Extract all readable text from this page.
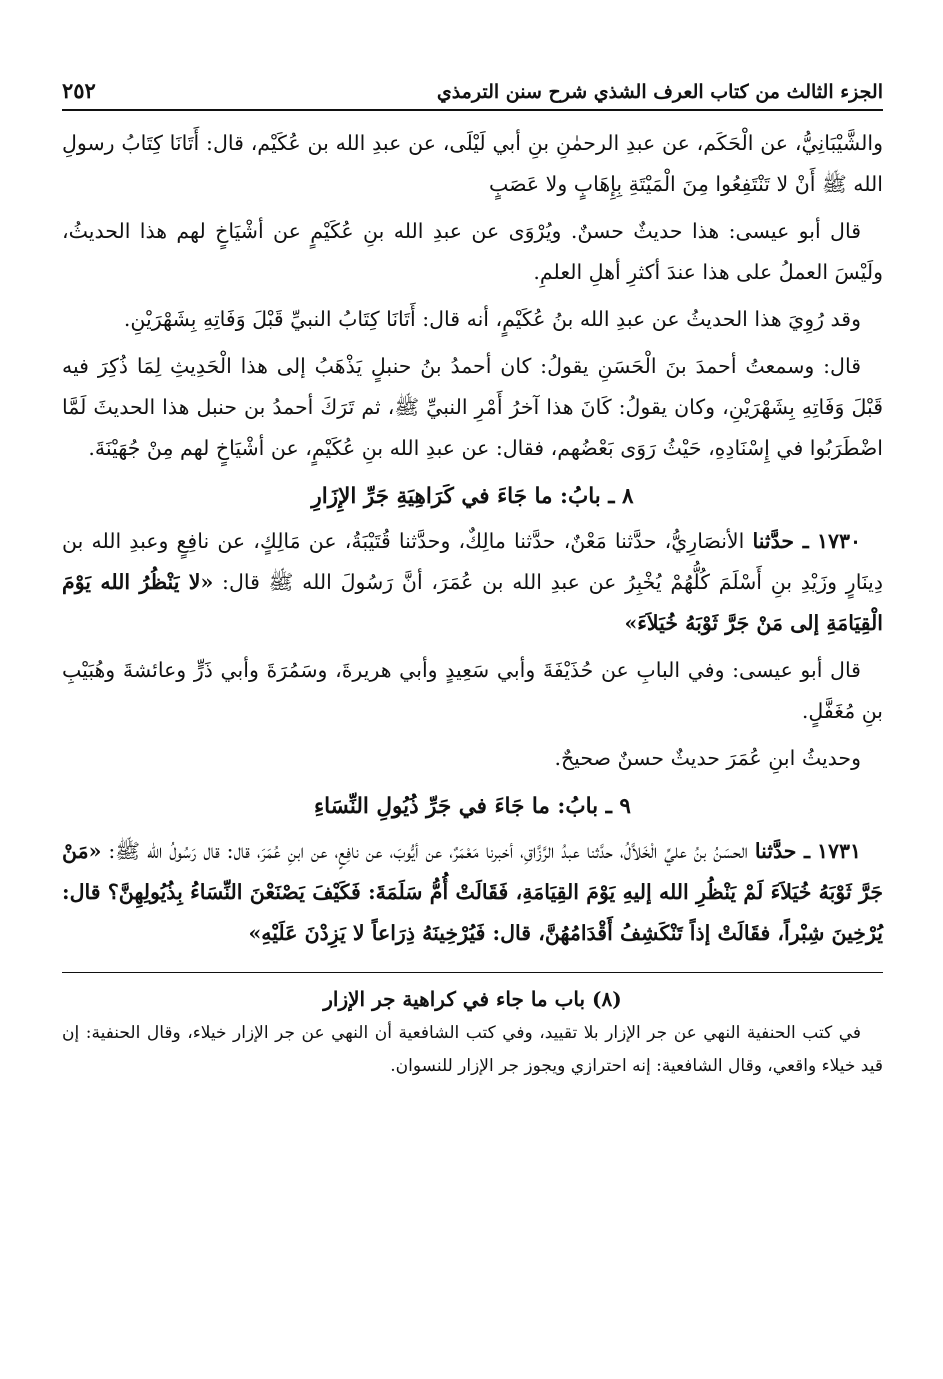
الجزء الثالث من كتاب العرف الشذي شرح سنن الترمذي
٢٥٢

والشَّيْبَانِيُّ، عن الْحَكَم، عن عبدِ الرحمٰنِ بنِ أبي لَيْلَى، عن عبدِ الله بن عُكَيْم، قال: أَتَانَا كِتَابُ رسولِ الله ﷺ أَنْ لا تَنْتَفِعُوا مِنَ الْمَيْتَةِ بِإِهَابٍ ولا عَصَبٍ

قال أبو عيسى: هذا حديثٌ حسنٌ. ويُرْوَى عن عبدِ الله بنِ عُكَيْمٍ عن أشْيَاخٍ لهم هذا الحديثُ، ولَيْسَ العملُ على هذا عندَ أكثرِ أهلِ العلمِ.

وقد رُوِيَ هذا الحديثُ عن عبدِ الله بنُ عُكَيْمٍ، أنه قال: أَتَانَا كِتَابُ النبيِّ قَبْلَ وَفَاتِهِ بِشَهْرَيْنِ.

قال: وسمعتُ أحمدَ بنَ الْحَسَنِ يقولُ: كان أحمدُ بنُ حنبلٍ يَذْهَبُ إلى هذا الْحَدِيثِ لِمَا ذُكِرَ فيه قَبْلَ وَفَاتِهِ بِشَهْرَيْنِ، وكان يقولُ: كَانَ هذا آخرُ أَمْرِ النبيِّ ﷺ، ثم تَرَكَ أحمدُ بن حنبل هذا الحديثَ لَمَّا اضْطَرَبُوا في إِسْنَادِهِ، حَيْثُ رَوَى بَعْضُهم، فقال: عن عبدِ الله بنِ عُكَيْمٍ، عن أشْيَاخٍ لهم مِنْ جُهَيْنَةَ.

٨ ـ بابُ: ما جَاءَ في كَرَاهِيَةِ جَرِّ الإِزَارِ

١٧٣٠ ـ حدَّثنا الأنصَارِيُّ، حدَّثنا مَعْنٌ، حدَّثنا مالِكٌ، وحدَّثنا قُتَيْبَةُ، عن مَالِكٍ، عن نافِعٍ وعبدِ الله بن دِينَارٍ وزَيْدِ بنِ أَسْلَمَ كُلُّهُمْ يُخْبِرُ عن عبدِ الله بن عُمَرَ، أنَّ رَسُولَ الله ﷺ قال: «لا يَنْظُرُ الله يَوْمَ الْقِيَامَةِ إلى مَنْ جَرَّ ثَوْبَهُ خُيَلاَءَ»

قال أبو عيسى: وفي البابِ عن حُذَيْفَةَ وأبي سَعِيدٍ وأبي هريرةَ، وسَمُرَةَ وأبي ذَرٍّ وعائشةَ وهُبَيْبِ بنِ مُغَفَّلٍ.

وحديثُ ابنِ عُمَرَ حديثٌ حسنٌ صحيحٌ.

٩ ـ بابُ: ما جَاءَ في جَرِّ ذُيُولِ النِّسَاءِ

١٧٣١ ـ حدَّثنا الحسَنُ بنُ عليِّ الْخَلاَّلُ، حدَّثنا عبدُ الرَّزَّاقِ، أخبرنا مَعْمَرٌ، عن أيُّوبَ، عن نافِعٍ، عن ابنِ عُمَرَ، قال: قال رَسُولُ الله ﷺ: «مَنْ جَرَّ ثَوْبَهُ خُيَلاَءَ لَمْ يَنْظُرِ الله إليهِ يَوْمَ القِيَامَةِ، فَقَالَتْ أُمُّ سَلَمَةَ: فَكَيْفَ يَصْنَعْنَ النِّسَاءُ بِذُيُولِهِنَّ؟ قال: يُرْخِينَ شِبْراً، فقَالَتْ إذاً تَنْكَشِفُ أَقْدَامُهُنَّ، قال: فَيُرْخِينَهُ ذِرَاعاً لا يَزِدْنَ عَلَيْهِ»

(٨) باب ما جاء في كراهية جر الإزار

في كتب الحنفية النهي عن جر الإزار بلا تقييد، وفي كتب الشافعية أن النهي عن جر الإزار خيلاء، وقال الحنفية: إن قيد خيلاء واقعي، وقال الشافعية: إنه احترازي ويجوز جر الإزار للنسوان.
